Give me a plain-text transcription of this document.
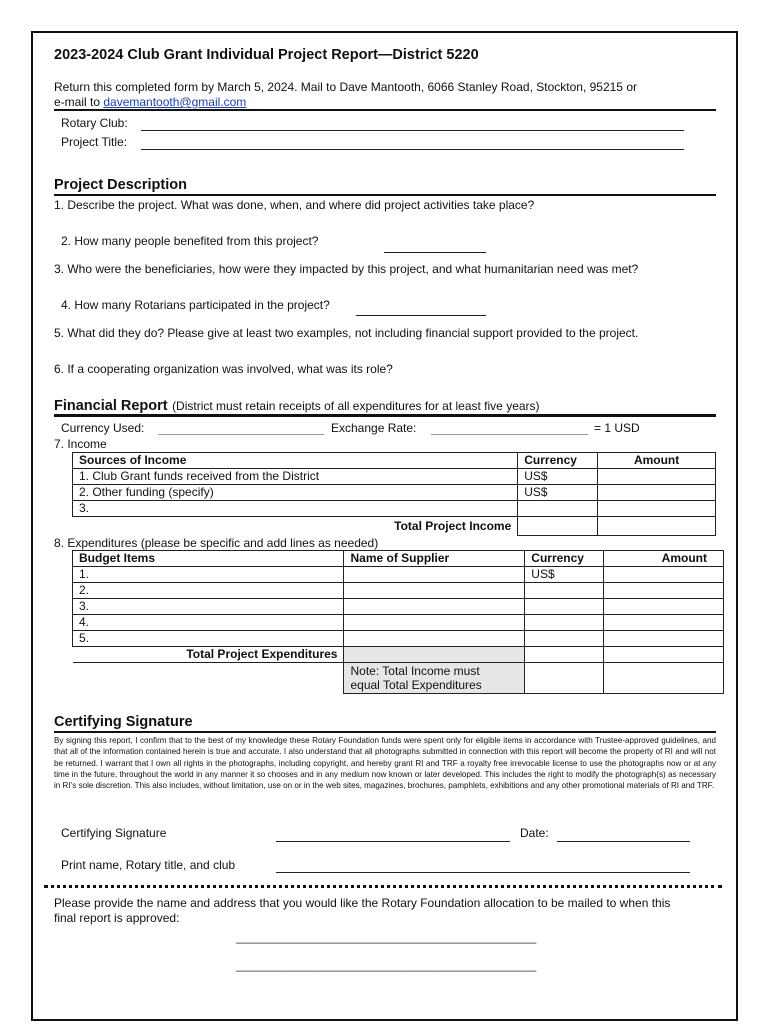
2023-2024 Club Grant Individual Project Report—District 5220
Return this completed form by March 5, 2024. Mail to Dave Mantooth, 6066 Stanley Road, Stockton, 95215 or
e-mail to davemantooth@gmail.com
Rotary Club:
Project Title:
Project Description
1. Describe the project. What was done, when, and where did project activities take place?
2. How many people benefited from this project?
3. Who were the beneficiaries, how were they impacted by this project, and what humanitarian need was met?
4. How many Rotarians participated in the project?
5. What did they do? Please give at least two examples, not including financial support provided to the project.
6. If a cooperating organization was involved, what was its role?
Financial Report (District must retain receipts of all expenditures for at least five years)
Currency Used:	Exchange Rate:	= 1 USD
7. Income
Sources of Income	Currency	Amount
1. Club Grant funds received from the District	US$	
2. Other funding (specify)	US$	
3.		
Total Project Income		
8. Expenditures (please be specific and add lines as needed)
Budget Items	Name of Supplier	Currency	Amount
1.		US$	
2.			
3.			
4.			
5.			
Total Project Expenditures			

	Note: Total Income must
equal Total Expenditures		

Certifying Signature
By signing this report, I confirm that to the best of my knowledge these Rotary Foundation funds were spent only for eligible items in accordance with Trustee-approved guidelines, and that all of the information contained herein is true and accurate. I also understand that all photographs submitted in connection with this report will become the property of RI and will not be returned. I warrant that I own all rights in the photographs, including copyright, and hereby grant RI and TRF a royalty free irrevocable license to use the photographs now or at any time in the future, throughout the world in any manner it so chooses and in any medium now known or later developed. This includes the right to modify the photograph(s) as necessary in RI’s sole discretion. This also includes, without limitation, use on or in the web sites, magazines, brochures, pamphlets, exhibitions and any other promotional materials of RI and TRF.
Certifying Signature	Date:
Print name, Rotary title, and club
Please provide the name and address that you would like the Rotary Foundation allocation to be mailed to when this
final report is approved:
_____________________________________________
_____________________________________________
